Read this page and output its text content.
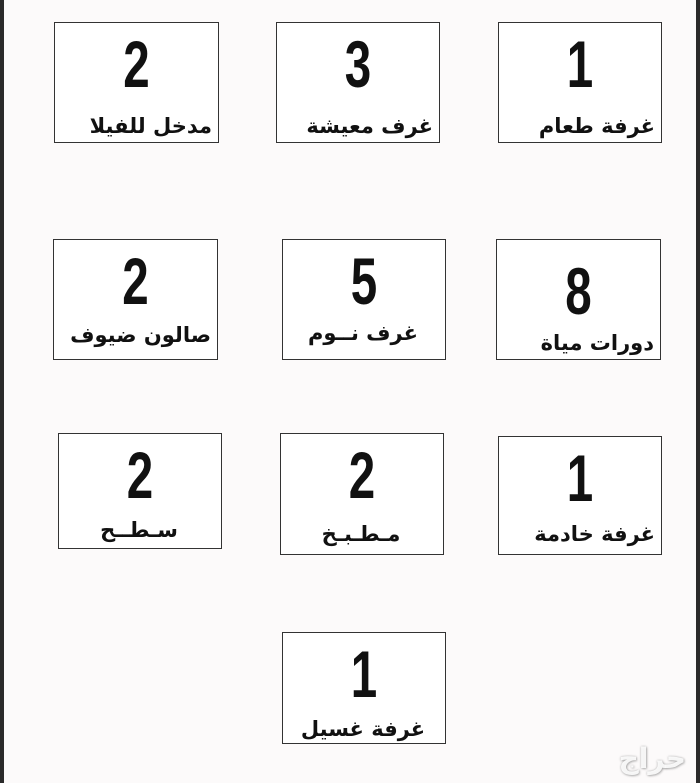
1
غرفة طعام
3
غرف معيشة
2
مدخل للفيلا
8
دورات مياة
5
غرف نــوم
2
صالون ضيوف
1
غرفة خادمة
2
مـطـبـخ
2
سـطــح
1
غرفة غسيل
حراج
